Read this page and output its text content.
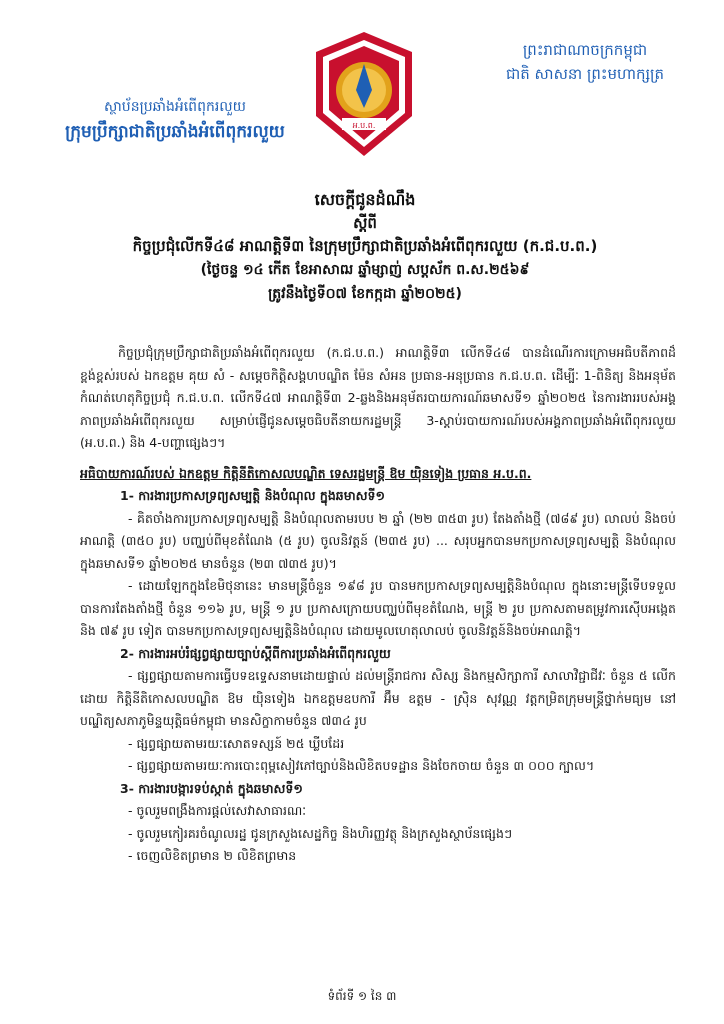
ស្ថាប័នប្រឆាំងអំពើពុករលួយ
ក្រុមប្រឹក្សាជាតិប្រឆាំងអំពើពុករលួយ	អ.ប.ព.
ព្រះរាជាណាចក្រកម្ពុជា
ជាតិ សាសនា ព្រះមហាក្សត្រ
សេចក្តីជូនដំណឹង
ស្តីពី
កិច្ចប្រជុំលើកទី៤៨ អាណត្តិទី៣ នៃក្រុមប្រឹក្សាជាតិប្រឆាំងអំពើពុករលួយ (ក.ជ.ប.ព.)
(ថ្ងៃចន្ទ ១៤ កើត ខែអាសាឍ ឆ្នាំម្សាញ់ សប្តស័ក ព.ស.២៥៦៩
ត្រូវនឹងថ្ងៃទី០៧ ខែកក្កដា ឆ្នាំ២០២៥)
កិច្ចប្រជុំក្រុមប្រឹក្សាជាតិប្រឆាំងអំពើពុករលួយ (ក.ជ.ប.ព.) អាណត្តិទី៣ លើកទី៤៨ បានដំណើរការក្រោមអធិបតីភាពដ៏ខ្ពង់ខ្ពស់របស់ ឯកឧត្តម គុយ សំ - សម្ដេចកិត្តិសង្គហបណ្ឌិត ម៉ែន សំអន ប្រធាន-អនុប្រធាន ក.ជ.ប.ព. ដើម្បីៈ 1-ពិនិត្យ និងអនុម័តកំណត់ហេតុកិច្ចប្រជុំ ក.ជ.ប.ព. លើកទី៤៧ អាណត្តិទី៣ 2-ឆ្លងនិងអនុម័តរបាយការណ៍ឆមាសទី១ ឆ្នាំ២០២៥ នៃការងាររបស់អង្គភាពប្រឆាំងអំពើពុករលួយ សម្រាប់ផ្ញើជូនសម្តេចធិបតីនាយករដ្ឋមន្ត្រី 3-ស្តាប់របាយការណ៍របស់អង្គភាពប្រឆាំងអំពើពុករលួយ (អ.ប.ព.) និង 4-បញ្ហាផ្សេងៗ។
អធិបាយការណ៍របស់ ឯកឧត្តម កិត្តិនីតិកោសលបណ្ឌិត ទេសរដ្ឋមន្ត្រី ឱម យ៉ិនទៀង ប្រធាន អ.ប.ព.
1- ការងារប្រកាសទ្រព្យសម្បត្តិ និងបំណុល ក្នុងឆមាសទី១
- គិតចាំងការប្រកាសទ្រព្យសម្បត្តិ និងបំណុលតាមរបប ២ ឆ្នាំ (២២ ៣៥៣ រូប) តែងតាំងថ្មី (៧៨៩ រូប) លាលប់ និងចប់អាណត្តិ (៣៥០ រូប) បញ្ឈប់ពីមុខតំណែង (៥ រូប) ចូលនិវត្តន៍ (២៣៥ រូប) ... សរុបអ្នកបានមកប្រកាសទ្រព្យសម្បត្តិ និងបំណុល ក្នុងឆមាសទី១ ឆ្នាំ២០២៥ មានចំនួន (២៣ ៧៣៥ រូប)។
- ដោយឡែកក្នុងខែមិថុនានេះ មានមន្ត្រីចំនួន ១៩៨ រូប បានមកប្រកាសទ្រព្យសម្បត្តិនិងបំណុល ក្នុងនោះមន្ត្រីទើបទទួលបានការតែងតាំងថ្មី ចំនួន ១១៦ រូប, មន្ត្រី ១ រូប ប្រកាសក្រោយបញ្ឈប់ពីមុខតំណែង, មន្ត្រី ២ រូប ប្រកាសតាមតម្រូវការស៊ើបអង្កេត និង ៧៩ រូប ទៀត បានមកប្រកាសទ្រព្យសម្បត្តិនិងបំណុល ដោយមូលហេតុលាលប់ ចូលនិវត្តន៍និងចប់អាណត្តិ។
2- ការងារអប់រំផ្សព្វផ្សាយច្បាប់ស្តីពីការប្រឆាំងអំពើពុករលួយ
- ផ្សព្វផ្សាយតាមការធ្វើបទឧទ្ទេសនាមដោយផ្ទាល់ ដល់មន្ត្រីរាជការ សិស្ស និងកម្មសិក្សាការី សាលាវិជ្ជាជីវៈ ចំនួន ៥ លើក ដោយ កិត្តិនីតិកោសលបណ្ឌិត ឱម យ៉ិនទៀង ឯកឧត្តមឧបការី អ៊ឹម ឧត្តម - ស្រ៊ិន សុវណ្ណ វត្តកម្រិតក្រុមមន្ត្រីថ្នាក់មធ្យម នៅបណ្ឌិត្យសភាភូមិន្ទយុត្តិធម៌កម្ពុជា មានសិក្ខាកាមចំនួន ៧៣៤ រូប
- ផ្សព្វផ្សាយតាមរយៈសោតទស្សន៍ ២៥ ឃ្លីបដែរ
- ផ្សព្វផ្សាយតាមរយៈការបោះពុម្ពសៀវភៅច្បាប់និងលិខិតបទដ្ឋាន និងចែកចាយ ចំនួន ៣ ០០០ ក្បាល។
3- ការងារបង្ការទប់ស្កាត់ ក្នុងឆមាសទី១
- ចូលរួមពង្រឹងការផ្តល់សេវាសាធារណៈ
- ចូលរួមកៀរគរចំណូលរដ្ឋ ជូនក្រសួងសេដ្ឋកិច្ច និងហិរញ្ញវត្ថុ និងក្រសួងស្ថាប័នផ្សេងៗ
- ចេញលិខិតព្រមាន ២ លិខិតព្រមាន
ទំព័រទី ១ នៃ ៣
